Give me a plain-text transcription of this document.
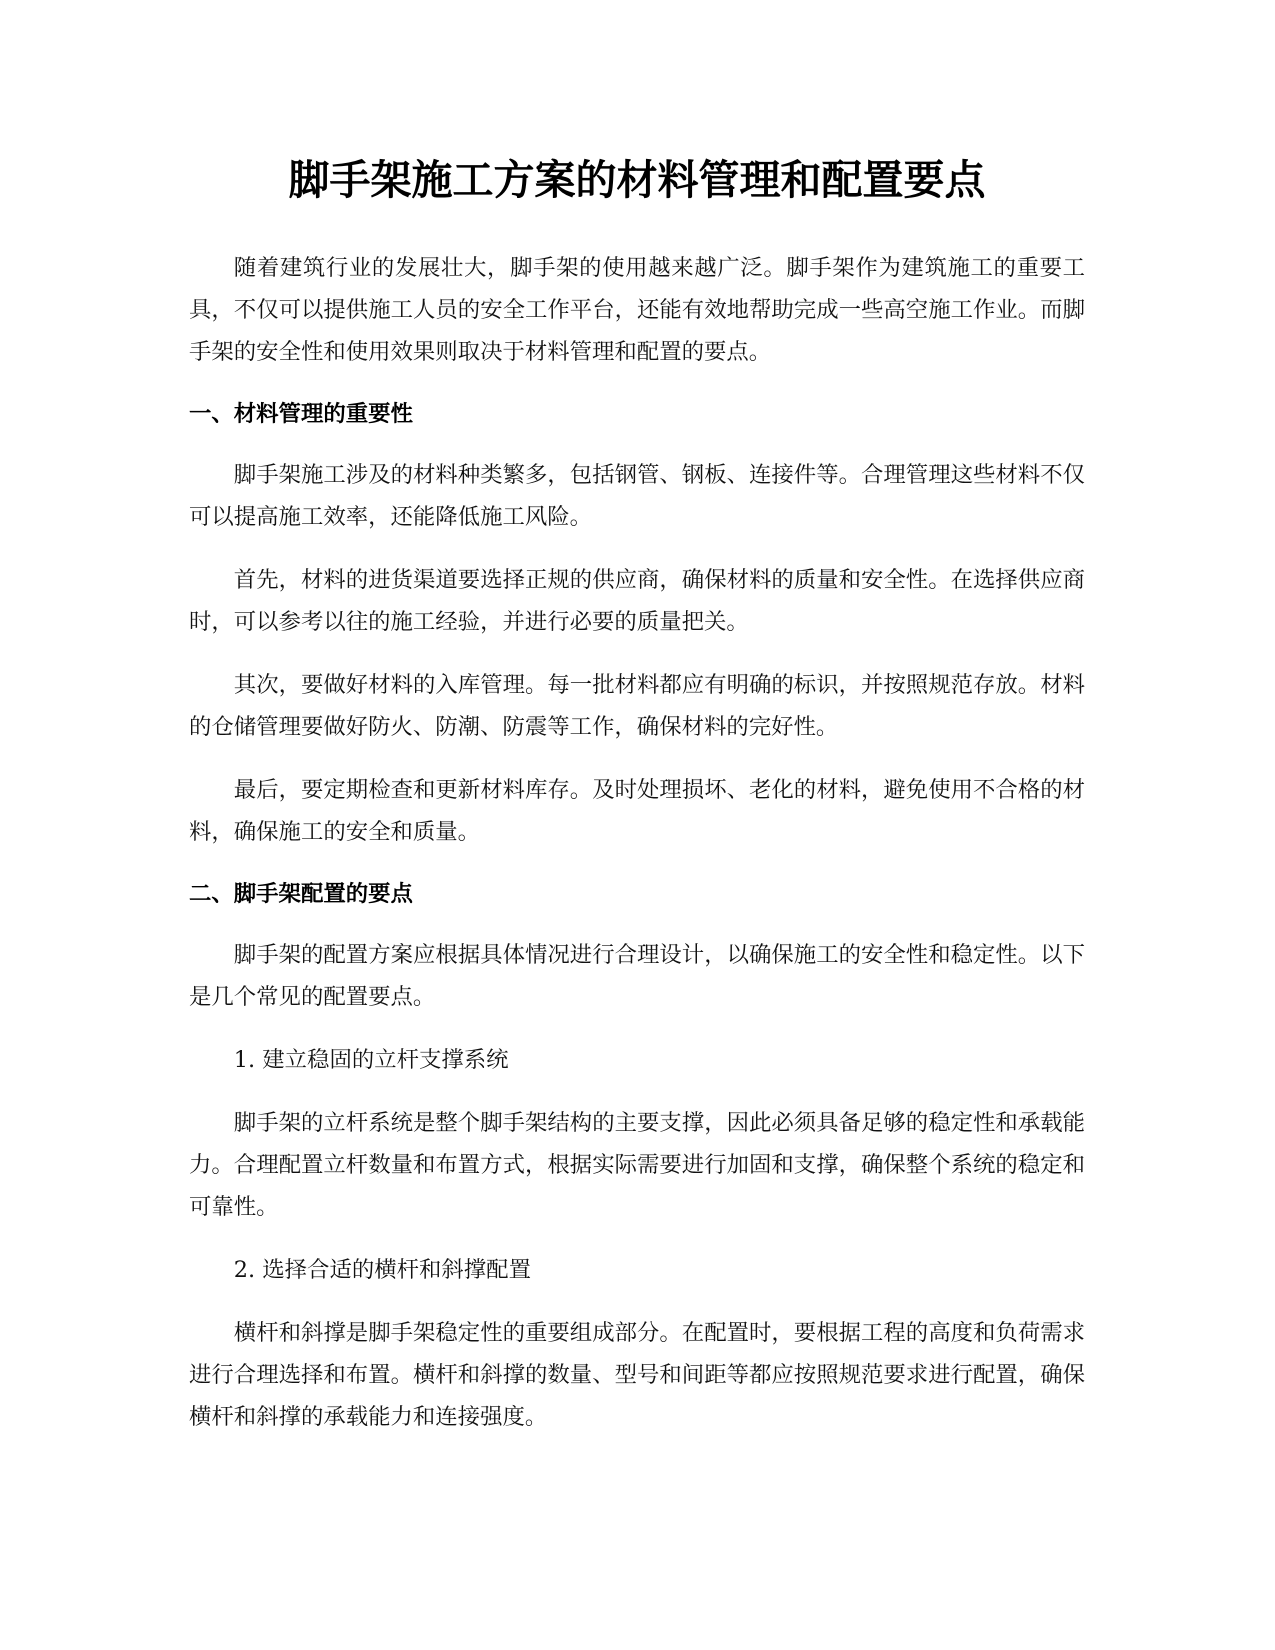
脚手架施工方案的材料管理和配置要点

随着建筑行业的发展壮大，脚手架的使用越来越广泛。脚手架作为建筑施工的重要工具，不仅可以提供施工人员的安全工作平台，还能有效地帮助完成一些高空施工作业。而脚手架的安全性和使用效果则取决于材料管理和配置的要点。

一、材料管理的重要性

脚手架施工涉及的材料种类繁多，包括钢管、钢板、连接件等。合理管理这些材料不仅可以提高施工效率，还能降低施工风险。

首先，材料的进货渠道要选择正规的供应商，确保材料的质量和安全性。在选择供应商时，可以参考以往的施工经验，并进行必要的质量把关。

其次，要做好材料的入库管理。每一批材料都应有明确的标识，并按照规范存放。材料的仓储管理要做好防火、防潮、防震等工作，确保材料的完好性。

最后，要定期检查和更新材料库存。及时处理损坏、老化的材料，避免使用不合格的材料，确保施工的安全和质量。

二、脚手架配置的要点

脚手架的配置方案应根据具体情况进行合理设计，以确保施工的安全性和稳定性。以下是几个常见的配置要点。

1. 建立稳固的立杆支撑系统

脚手架的立杆系统是整个脚手架结构的主要支撑，因此必须具备足够的稳定性和承载能力。合理配置立杆数量和布置方式，根据实际需要进行加固和支撑，确保整个系统的稳定和可靠性。

2. 选择合适的横杆和斜撑配置

横杆和斜撑是脚手架稳定性的重要组成部分。在配置时，要根据工程的高度和负荷需求进行合理选择和布置。横杆和斜撑的数量、型号和间距等都应按照规范要求进行配置，确保横杆和斜撑的承载能力和连接强度。
